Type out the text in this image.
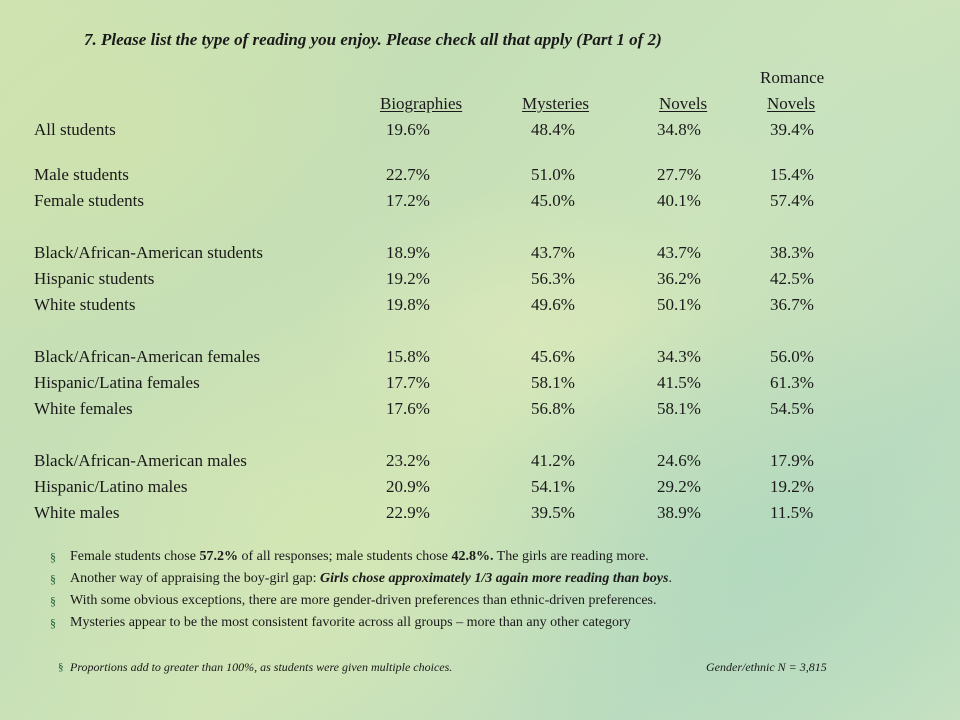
7. Please list the type of reading you enjoy. Please check all that apply (Part 1 of 2)
Romance
Biographies	Mysteries	Novels	Novels
All students	19.6%	48.4%	34.8%	39.4%
Male students	22.7%	51.0%	27.7%	15.4%
Female students	17.2%	45.0%	40.1%	57.4%
Black/African-American students	18.9%	43.7%	43.7%	38.3%
Hispanic students	19.2%	56.3%	36.2%	42.5%
White students	19.8%	49.6%	50.1%	36.7%
Black/African-American females	15.8%	45.6%	34.3%	56.0%
Hispanic/Latina females	17.7%	58.1%	41.5%	61.3%
White females	17.6%	56.8%	58.1%	54.5%
Black/African-American males	23.2%	41.2%	24.6%	17.9%
Hispanic/Latino males	20.9%	54.1%	29.2%	19.2%
White males	22.9%	39.5%	38.9%	11.5%
§ Female students chose 57.2% of all responses; male students chose 42.8%. The girls are reading more.
§ Another way of appraising the boy-girl gap: Girls chose approximately 1/3 again more reading than boys.
§ With some obvious exceptions, there are more gender-driven preferences than ethnic-driven preferences.
§ Mysteries appear to be the most consistent favorite across all groups – more than any other category
§ Proportions add to greater than 100%, as students were given multiple choices.	Gender/ethnic N = 3,815
